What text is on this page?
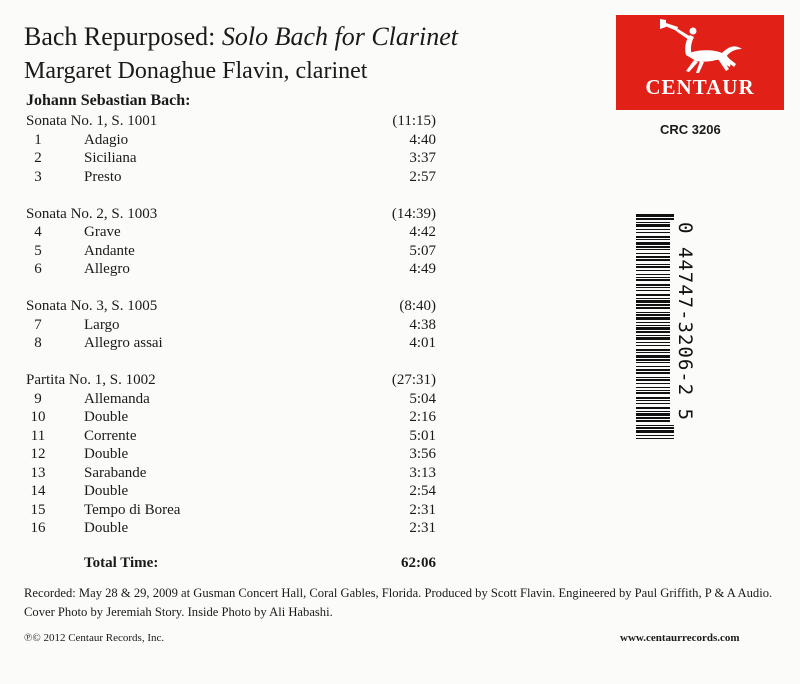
Bach Repurposed: Solo Bach for Clarinet
Margaret Donaghue Flavin, clarinet
Johann Sebastian Bach:
Sonata No. 1, S. 1001	(11:15)
1	Adagio	4:40
2	Siciliana	3:37
3	Presto	2:57
Sonata No. 2, S. 1003	(14:39)
4	Grave	4:42
5	Andante	5:07
6	Allegro	4:49
Sonata No. 3, S. 1005	(8:40)
7	Largo	4:38
8	Allegro assai	4:01
Partita No. 1, S. 1002	(27:31)
9	Allemanda	5:04
10	Double	2:16
11	Corrente	5:01
12	Double	3:56
13	Sarabande	3:13
14	Double	2:54
15	Tempo di Borea	2:31
16	Double	2:31
Total Time:	62:06
Recorded: May 28 & 29, 2009 at Gusman Concert Hall, Coral Gables, Florida. Produced by Scott Flavin. Engineered by Paul Griffith, P & A Audio. Cover Photo by Jeremiah Story. Inside Photo by Ali Habashi.
℗© 2012 Centaur Records, Inc.	www.centaurrecords.com
CENTAUR
CRC 3206
0 44747-3206-2 5
